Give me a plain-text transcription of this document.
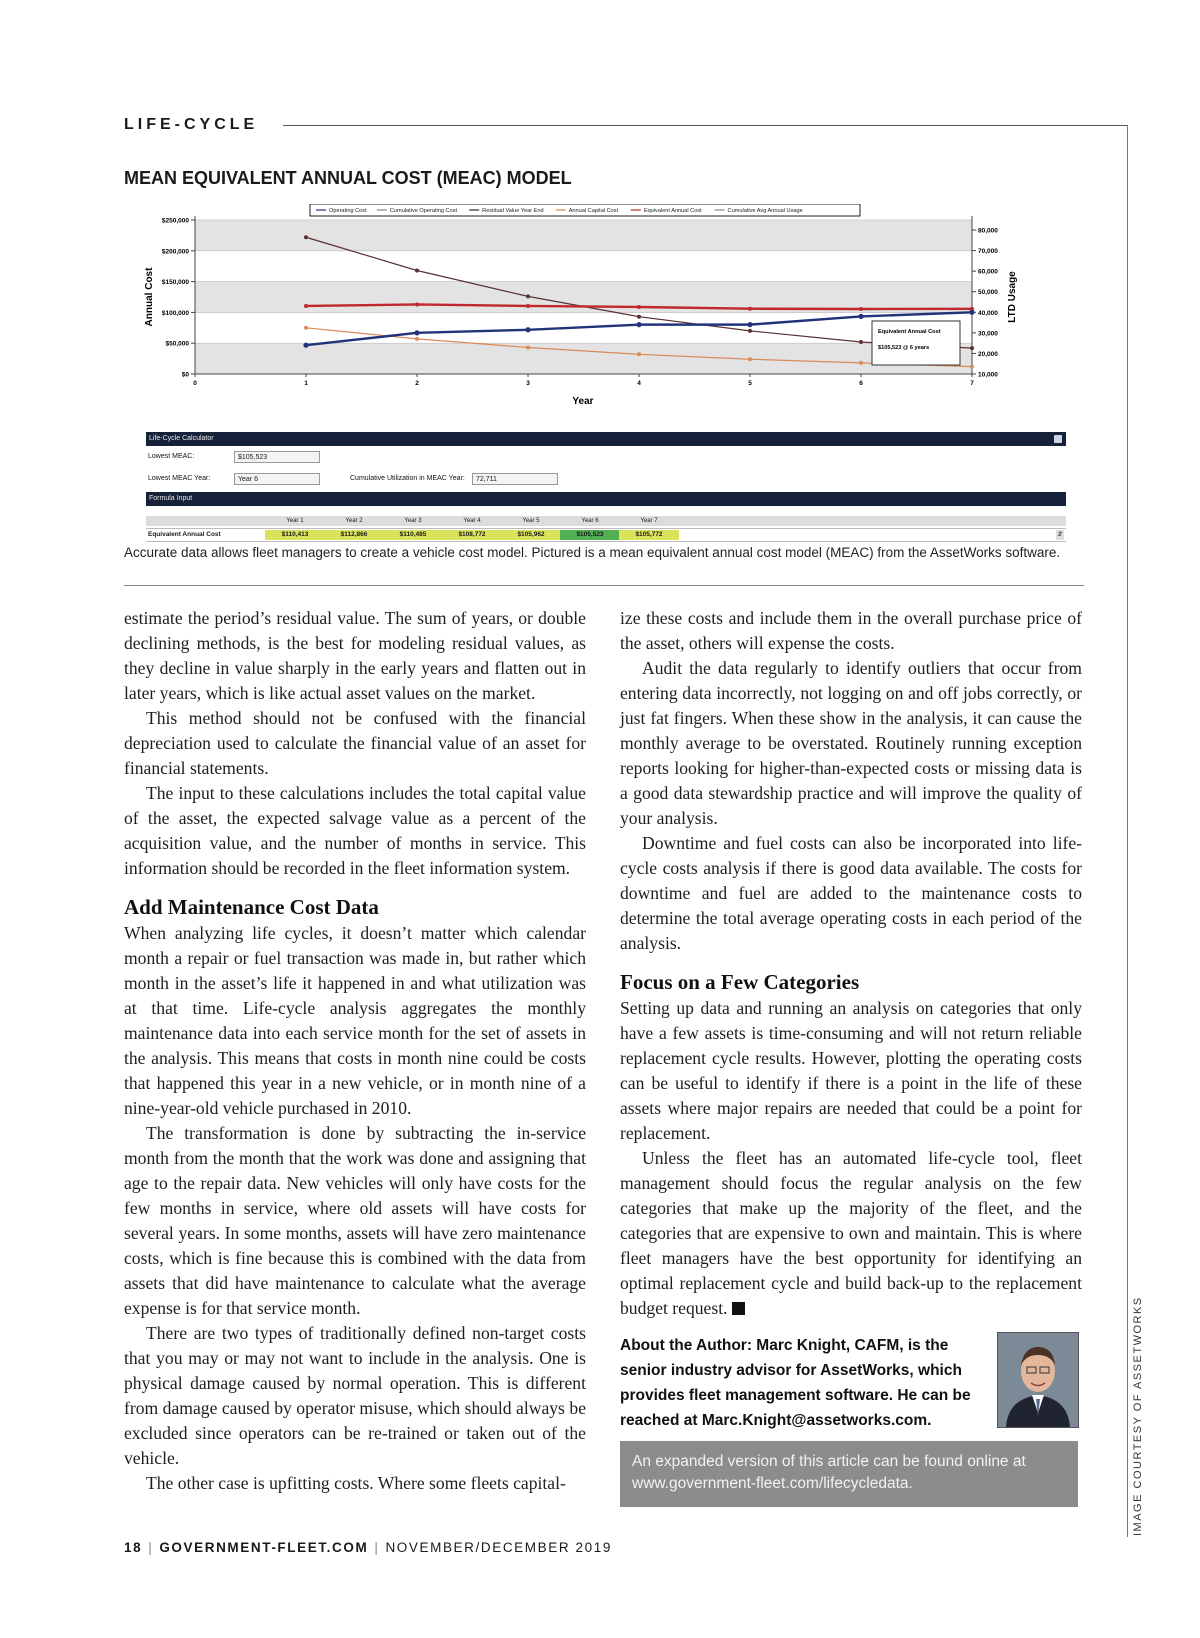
LIFE-CYCLE
MEAN EQUIVALENT ANNUAL COST (MEAC) MODEL
Operating Cost	Cumulative Operating Cost	Residual Value Year End	Annual Capital Cost	Equivalent Annual Cost	Cumulative Avg Annual Usage
$0
$50,000
$100,000
$150,000
$200,000
$250,000
10,000
20,000
30,000
40,000
50,000
60,000
70,000
80,000
0	1	2	3	4	5	6	7
Annual Cost	LTD Usage
Year
Equivalent Annual Cost
$105,523 @ 6 years
Life-Cycle Calculator
Lowest MEAC:	$105,523
Lowest MEAC Year:	Year 6	Cumulative Utilization in MEAC Year:	72,711
Formula Input
Year 1	Year 2	Year 3	Year 4	Year 5	Year 6	Year 7
Equivalent Annual Cost	$110,413	$112,866	$110,485	$108,772	$105,962	$105,523	$105,772	⇵
Accurate data allows fleet managers to create a vehicle cost model. Pictured is a mean equivalent annual cost model (MEAC) from the AssetWorks software.

estimate the period’s residual value. The sum of years, or double declining methods, is the best for modeling residual values, as they decline in value sharply in the early years and flatten out in later years, which is like actual asset values on the market.

This method should not be confused with the financial depreciation used to calculate the financial value of an asset for financial statements.

The input to these calculations includes the total capital value of the asset, the expected salvage value as a percent of the acquisition value, and the number of months in service. This information should be recorded in the fleet information system.

Add Maintenance Cost Data

When analyzing life cycles, it doesn’t matter which calendar month a repair or fuel transaction was made in, but rather which month in the asset’s life it happened in and what utilization was at that time. Life-cycle analysis aggregates the monthly maintenance data into each service month for the set of assets in the analysis. This means that costs in month nine could be costs that happened this year in a new vehicle, or in month nine of a nine-year-old vehicle purchased in 2010.

The transformation is done by subtracting the in-service month from the month that the work was done and assigning that age to the repair data. New vehicles will only have costs for the few months in service, where old assets will have costs for several years. In some months, assets will have zero maintenance costs, which is fine because this is combined with the data from assets that did have maintenance to calculate what the average expense is for that service month.

There are two types of traditionally defined non-target costs that you may or may not want to include in the analysis. One is physical damage caused by normal operation. This is different from damage caused by operator misuse, which should always be excluded since operators can be re-trained or taken out of the vehicle.

The other case is upfitting costs. Where some fleets capital-

ize these costs and include them in the overall purchase price of the asset, others will expense the costs.

Audit the data regularly to identify outliers that occur from entering data incorrectly, not logging on and off jobs correctly, or just fat fingers. When these show in the analysis, it can cause the monthly average to be overstated. Routinely running exception reports looking for higher-than-expected costs or missing data is a good data stewardship practice and will improve the quality of your analysis.

Downtime and fuel costs can also be incorporated into life-cycle costs analysis if there is good data available. The costs for downtime and fuel are added to the maintenance costs to determine the total average operating costs in each period of the analysis.

Focus on a Few Categories

Setting up data and running an analysis on categories that only have a few assets is time-consuming and will not return reliable replacement cycle results. However, plotting the operating costs can be useful to identify if there is a point in the life of these assets where major repairs are needed that could be a point for replacement.

Unless the fleet has an automated life-cycle tool, fleet management should focus the regular analysis on the few categories that make up the majority of the fleet, and the categories that are expensive to own and maintain. This is where fleet managers have the best opportunity for identifying an optimal replacement cycle and build back-up to the replacement budget request.

About the Author: Marc Knight, CAFM, is the senior industry advisor for AssetWorks, which provides fleet management software. He can be reached at Marc.Knight@assetworks.com.
An expanded version of this article can be found online at www.government-fleet.com/lifecycledata.	IMAGE COURTESY OF ASSETWORKS
18 | GOVERNMENT-FLEET.COM | NOVEMBER/DECEMBER 2019
